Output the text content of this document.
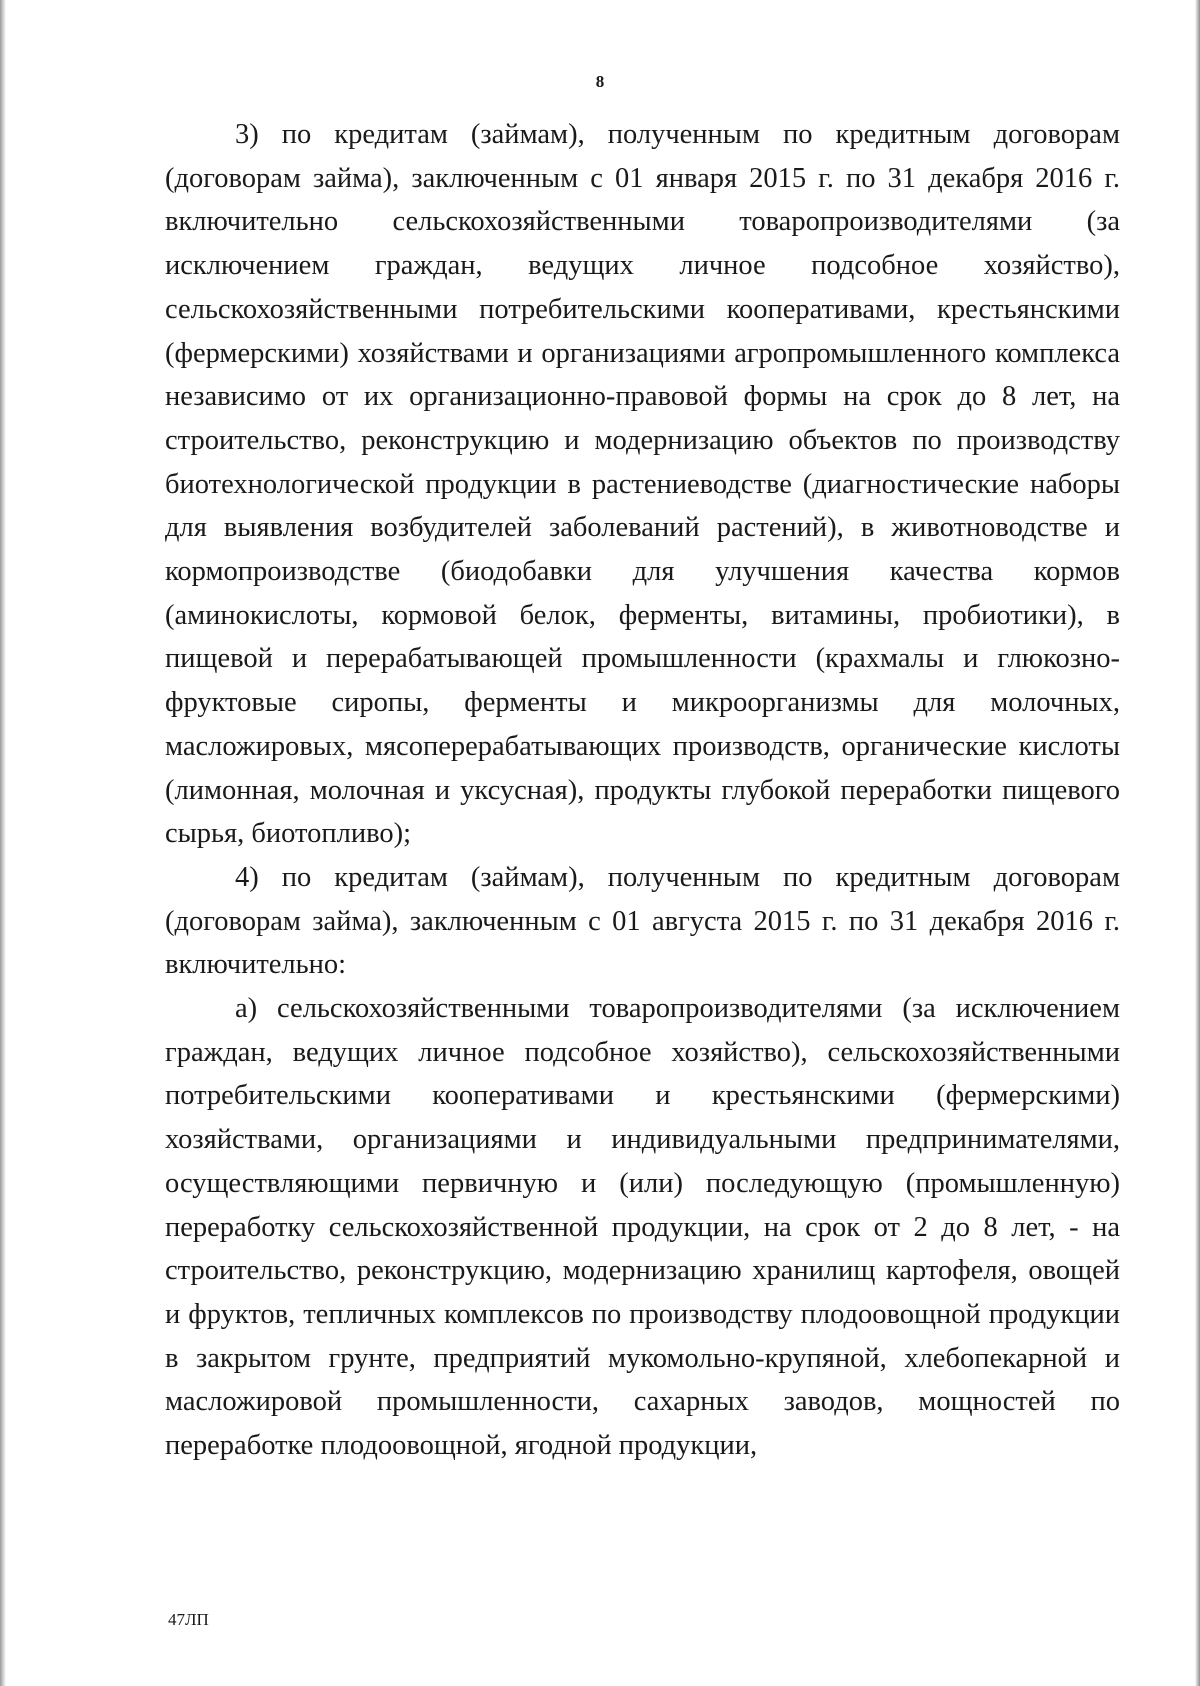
8

3) по кредитам (займам), полученным по кредитным договорам (договорам займа), заключенным с 01 января 2015 г. по 31 декабря 2016 г. включительно сельскохозяйственными товаропроизводителями (за исключением граждан, ведущих личное подсобное хозяйство), сельскохозяйственными потребительскими кооперативами, крестьянскими (фермерскими) хозяйствами и организациями агропромышленного комплекса независимо от их организационно-правовой формы на срок до 8 лет, на строительство, реконструкцию и модернизацию объектов по производству биотехнологической продукции в растениеводстве (диагностические наборы для выявления возбудителей заболеваний растений), в животноводстве и кормопроизводстве (биодобавки для улучшения качества кормов (аминокислоты, кормовой белок, ферменты, витамины, пробиотики), в пищевой и перерабатывающей промышленности (крахмалы и глюкозно-фруктовые сиропы, ферменты и микроорганизмы для молочных, масложировых, мясоперерабатывающих производств, органические кислоты (лимонная, молочная и уксусная), продукты глубокой переработки пищевого сырья, биотопливо);

4) по кредитам (займам), полученным по кредитным договорам (договорам займа), заключенным с 01 августа 2015 г. по 31 декабря 2016 г. включительно:

а) сельскохозяйственными товаропроизводителями (за исключением граждан, ведущих личное подсобное хозяйство), сельскохозяйственными потребительскими кооперативами и крестьянскими (фермерскими) хозяйствами, организациями и индивидуальными предпринимателями, осуществляющими первичную и (или) последующую (промышленную) переработку сельскохозяйственной продукции, на срок от 2 до 8 лет, - на строительство, реконструкцию, модернизацию хранилищ картофеля, овощей и фруктов, тепличных комплексов по производству плодоовощной продукции в закрытом грунте, предприятий мукомольно-крупяной, хлебопекарной и масложировой промышленности, сахарных заводов, мощностей по переработке плодоовощной, ягодной продукции,

47ЛП
